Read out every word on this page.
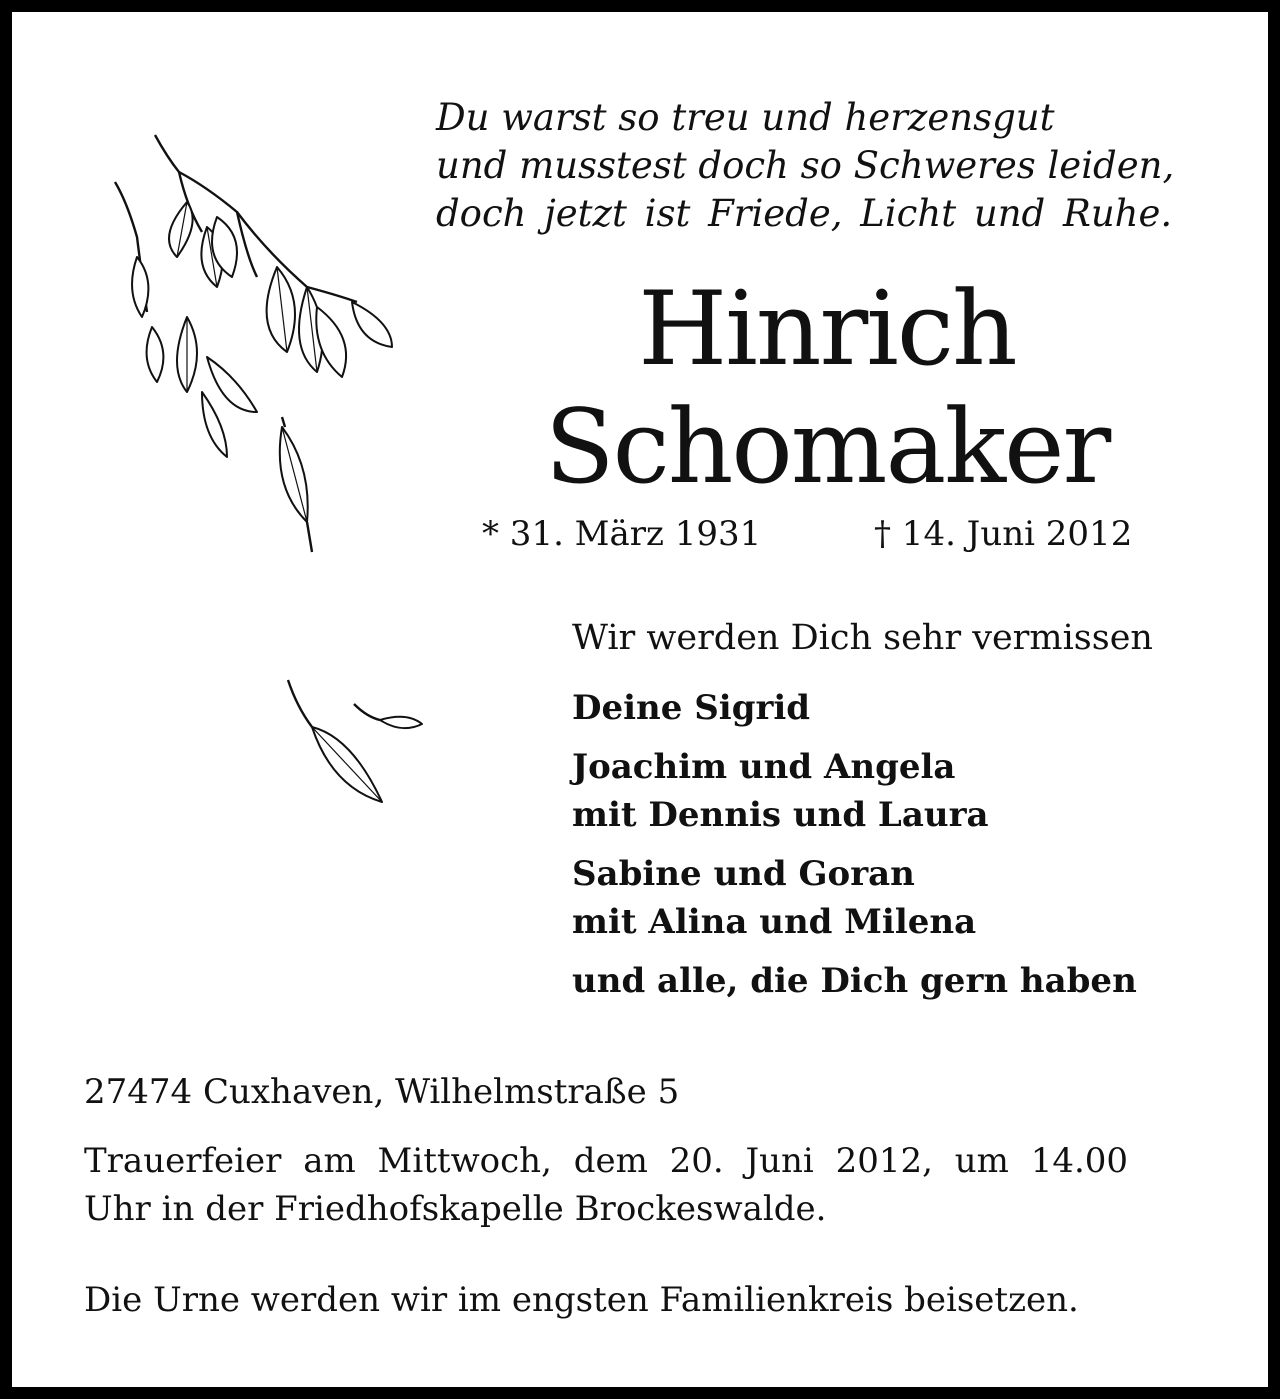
Du warst so treu und herzensgut
und musstest doch so Schweres leiden,
doch jetzt ist Friede, Licht und Ruhe.
Hinrich
Schomaker
* 31. März 1931	† 14. Juni 2012
Wir werden Dich sehr vermissen
Deine Sigrid
Joachim und Angela
mit Dennis und Laura
Sabine und Goran
mit Alina und Milena
und alle, die Dich gern haben
27474 Cuxhaven, Wilhelmstraße 5
Trauerfeier am Mittwoch, dem 20. Juni 2012, um 14.00
Uhr in der Friedhofskapelle Brockeswalde.
Die Urne werden wir im engsten Familienkreis beisetzen.
